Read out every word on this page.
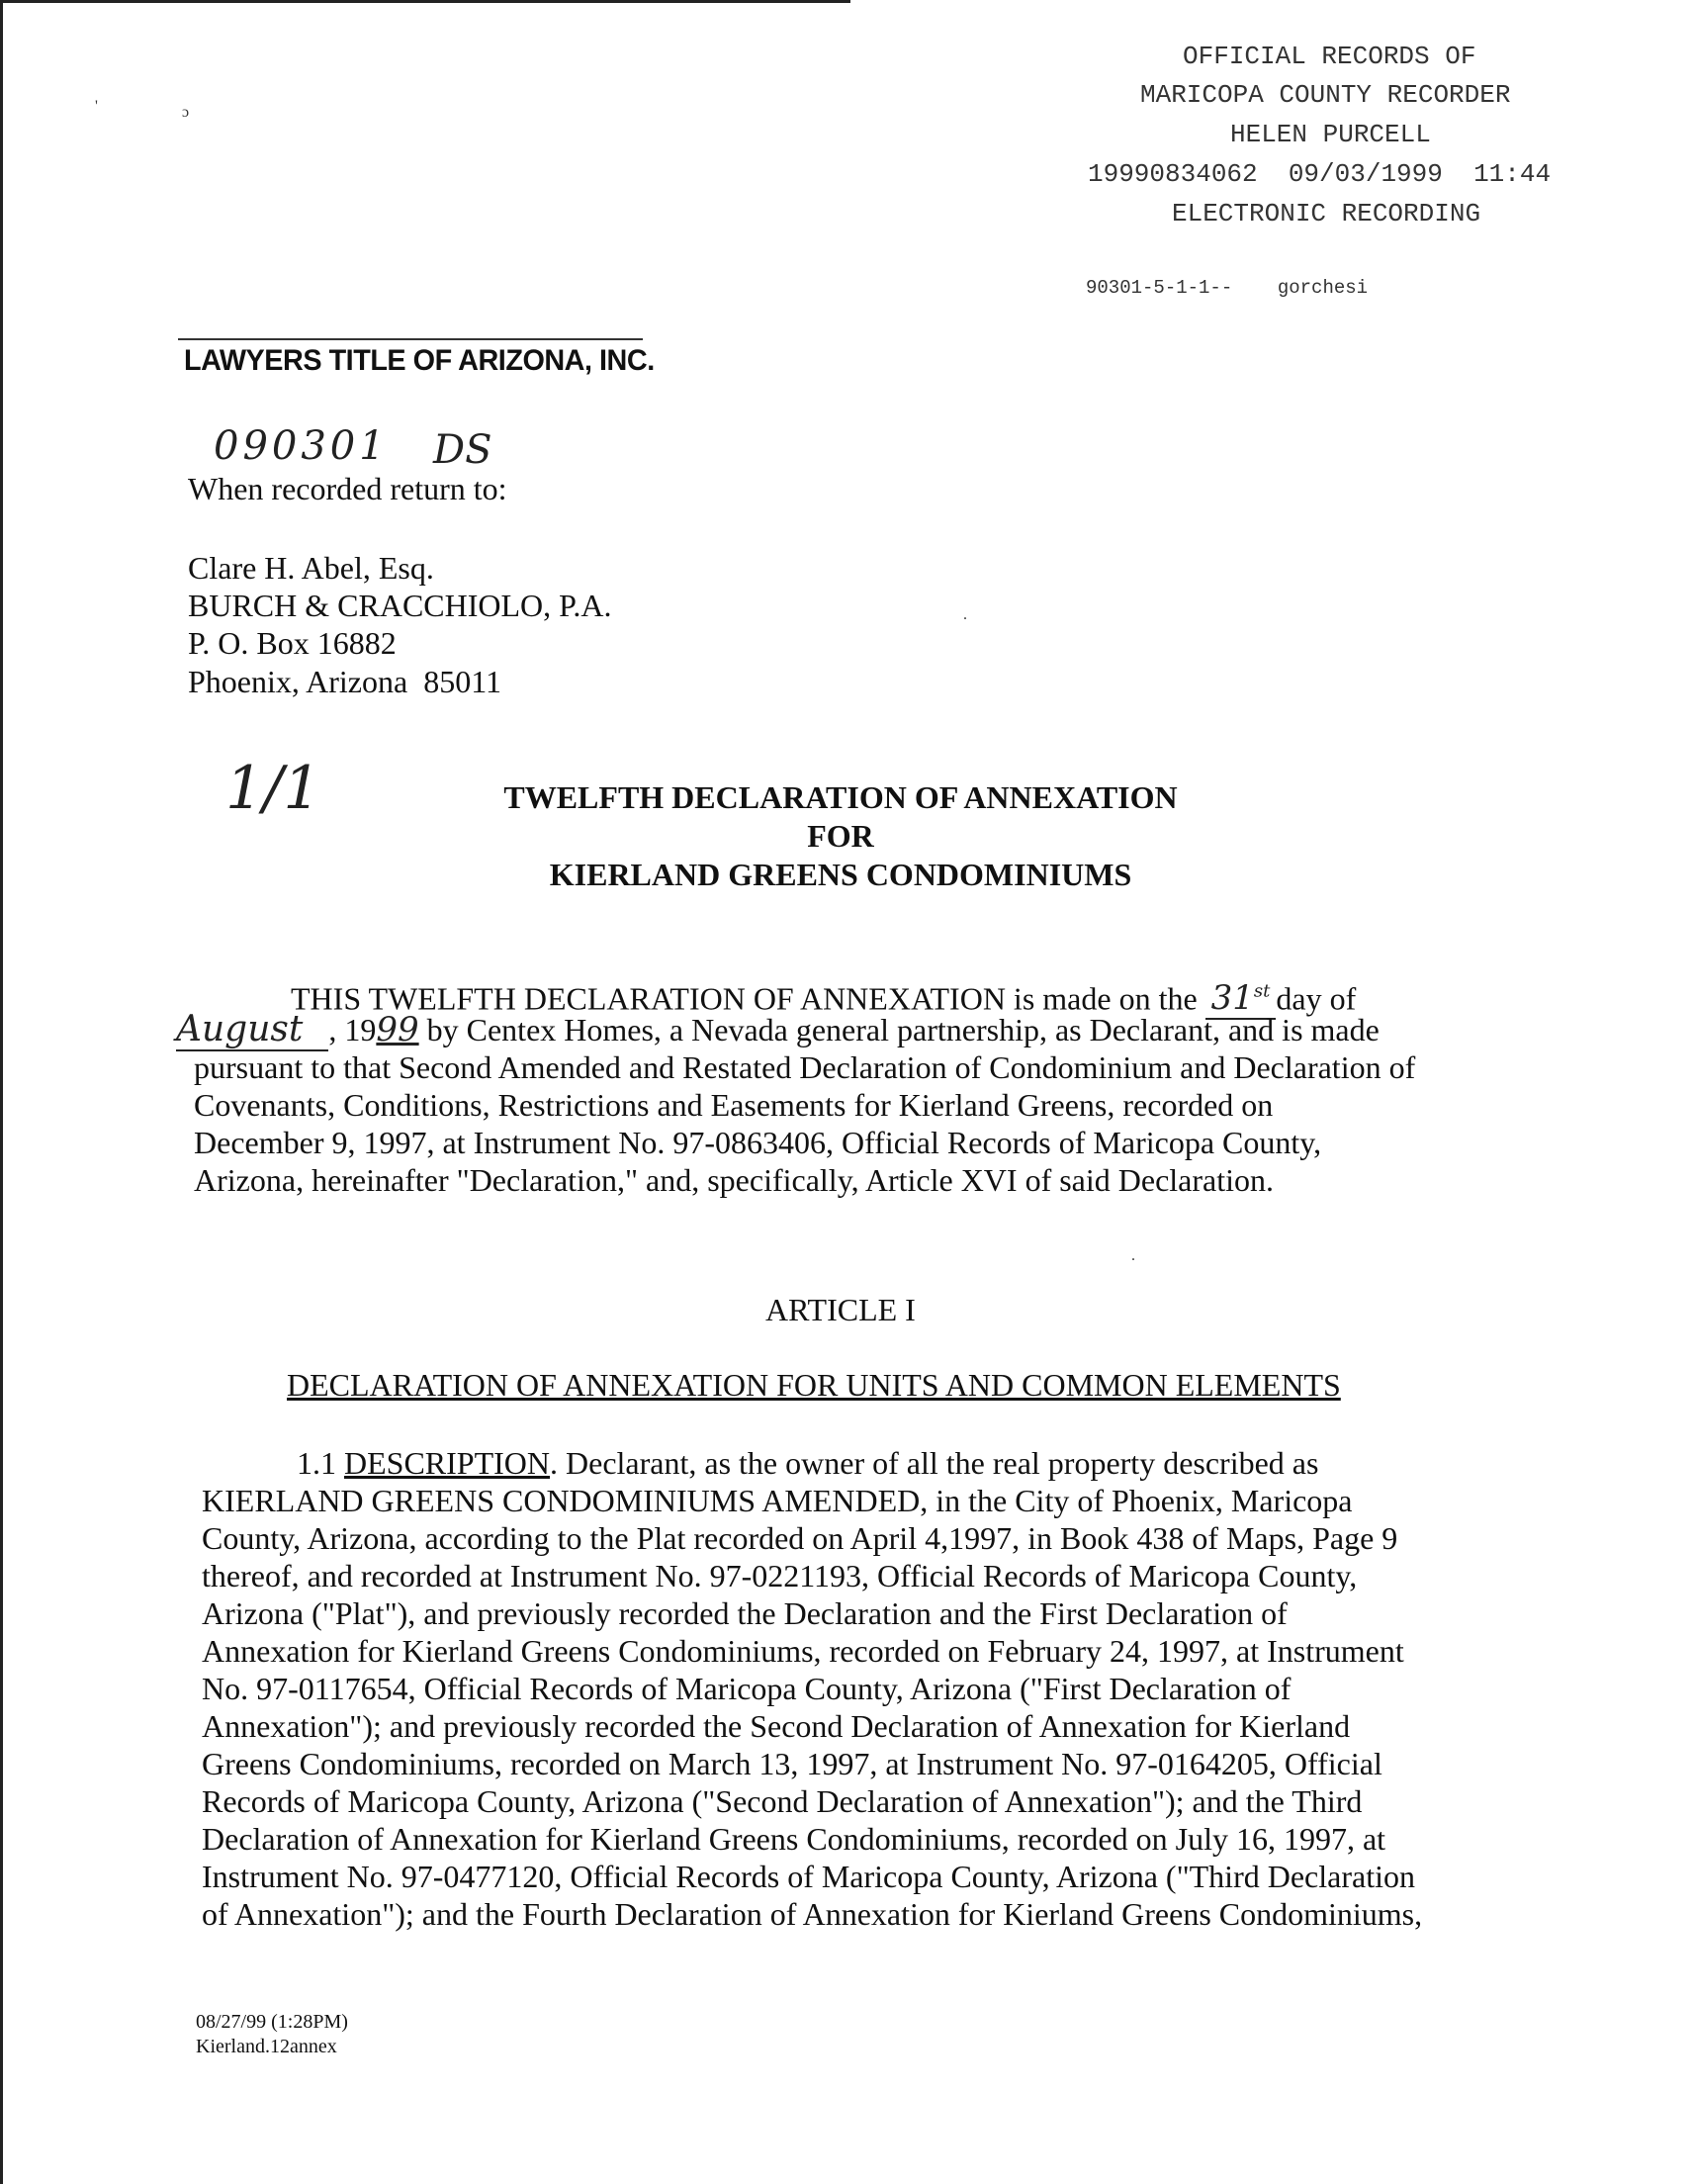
'	ɔ
.
.
OFFICIAL RECORDS OF
MARICOPA COUNTY RECORDER
HELEN PURCELL
19990834062  09/03/1999  11:44
ELECTRONIC RECORDING
90301-5-1-1--    gorchesi
LAWYERS TITLE OF ARIZONA, INC.
090301 DS
When recorded return to:
Clare H. Abel, Esq.
BURCH & CRACCHIOLO, P.A.
P. O. Box 16882
Phoenix, Arizona  85011
1/1	TWELFTH DECLARATION OF ANNEXATION
FOR
KIERLAND GREENS CONDOMINIUMS
THIS TWELFTH DECLARATION OF ANNEXATION is made on the 31st day of
August , 1999 by Centex Homes, a Nevada general partnership, as Declarant, and is made
pursuant to that Second Amended and Restated Declaration of Condominium and Declaration of
Covenants, Conditions, Restrictions and Easements for Kierland Greens, recorded on
December 9, 1997, at Instrument No. 97-0863406, Official Records of Maricopa County,
Arizona, hereinafter "Declaration," and, specifically, Article XVI of said Declaration.
ARTICLE I
DECLARATION OF ANNEXATION FOR UNITS AND COMMON ELEMENTS
1.1 DESCRIPTION. Declarant, as the owner of all the real property described as
KIERLAND GREENS CONDOMINIUMS AMENDED, in the City of Phoenix, Maricopa
County, Arizona, according to the Plat recorded on April 4,1997, in Book 438 of Maps, Page 9
thereof, and recorded at Instrument No. 97-0221193, Official Records of Maricopa County,
Arizona ("Plat"), and previously recorded the Declaration and the First Declaration of
Annexation for Kierland Greens Condominiums, recorded on February 24, 1997, at Instrument
No. 97-0117654, Official Records of Maricopa County, Arizona ("First Declaration of
Annexation"); and previously recorded the Second Declaration of Annexation for Kierland
Greens Condominiums, recorded on March 13, 1997, at Instrument No. 97-0164205, Official
Records of Maricopa County, Arizona ("Second Declaration of Annexation"); and the Third
Declaration of Annexation for Kierland Greens Condominiums, recorded on July 16, 1997, at
Instrument No. 97-0477120, Official Records of Maricopa County, Arizona ("Third Declaration
of Annexation"); and the Fourth Declaration of Annexation for Kierland Greens Condominiums,
08/27/99 (1:28PM)
Kierland.12annex
